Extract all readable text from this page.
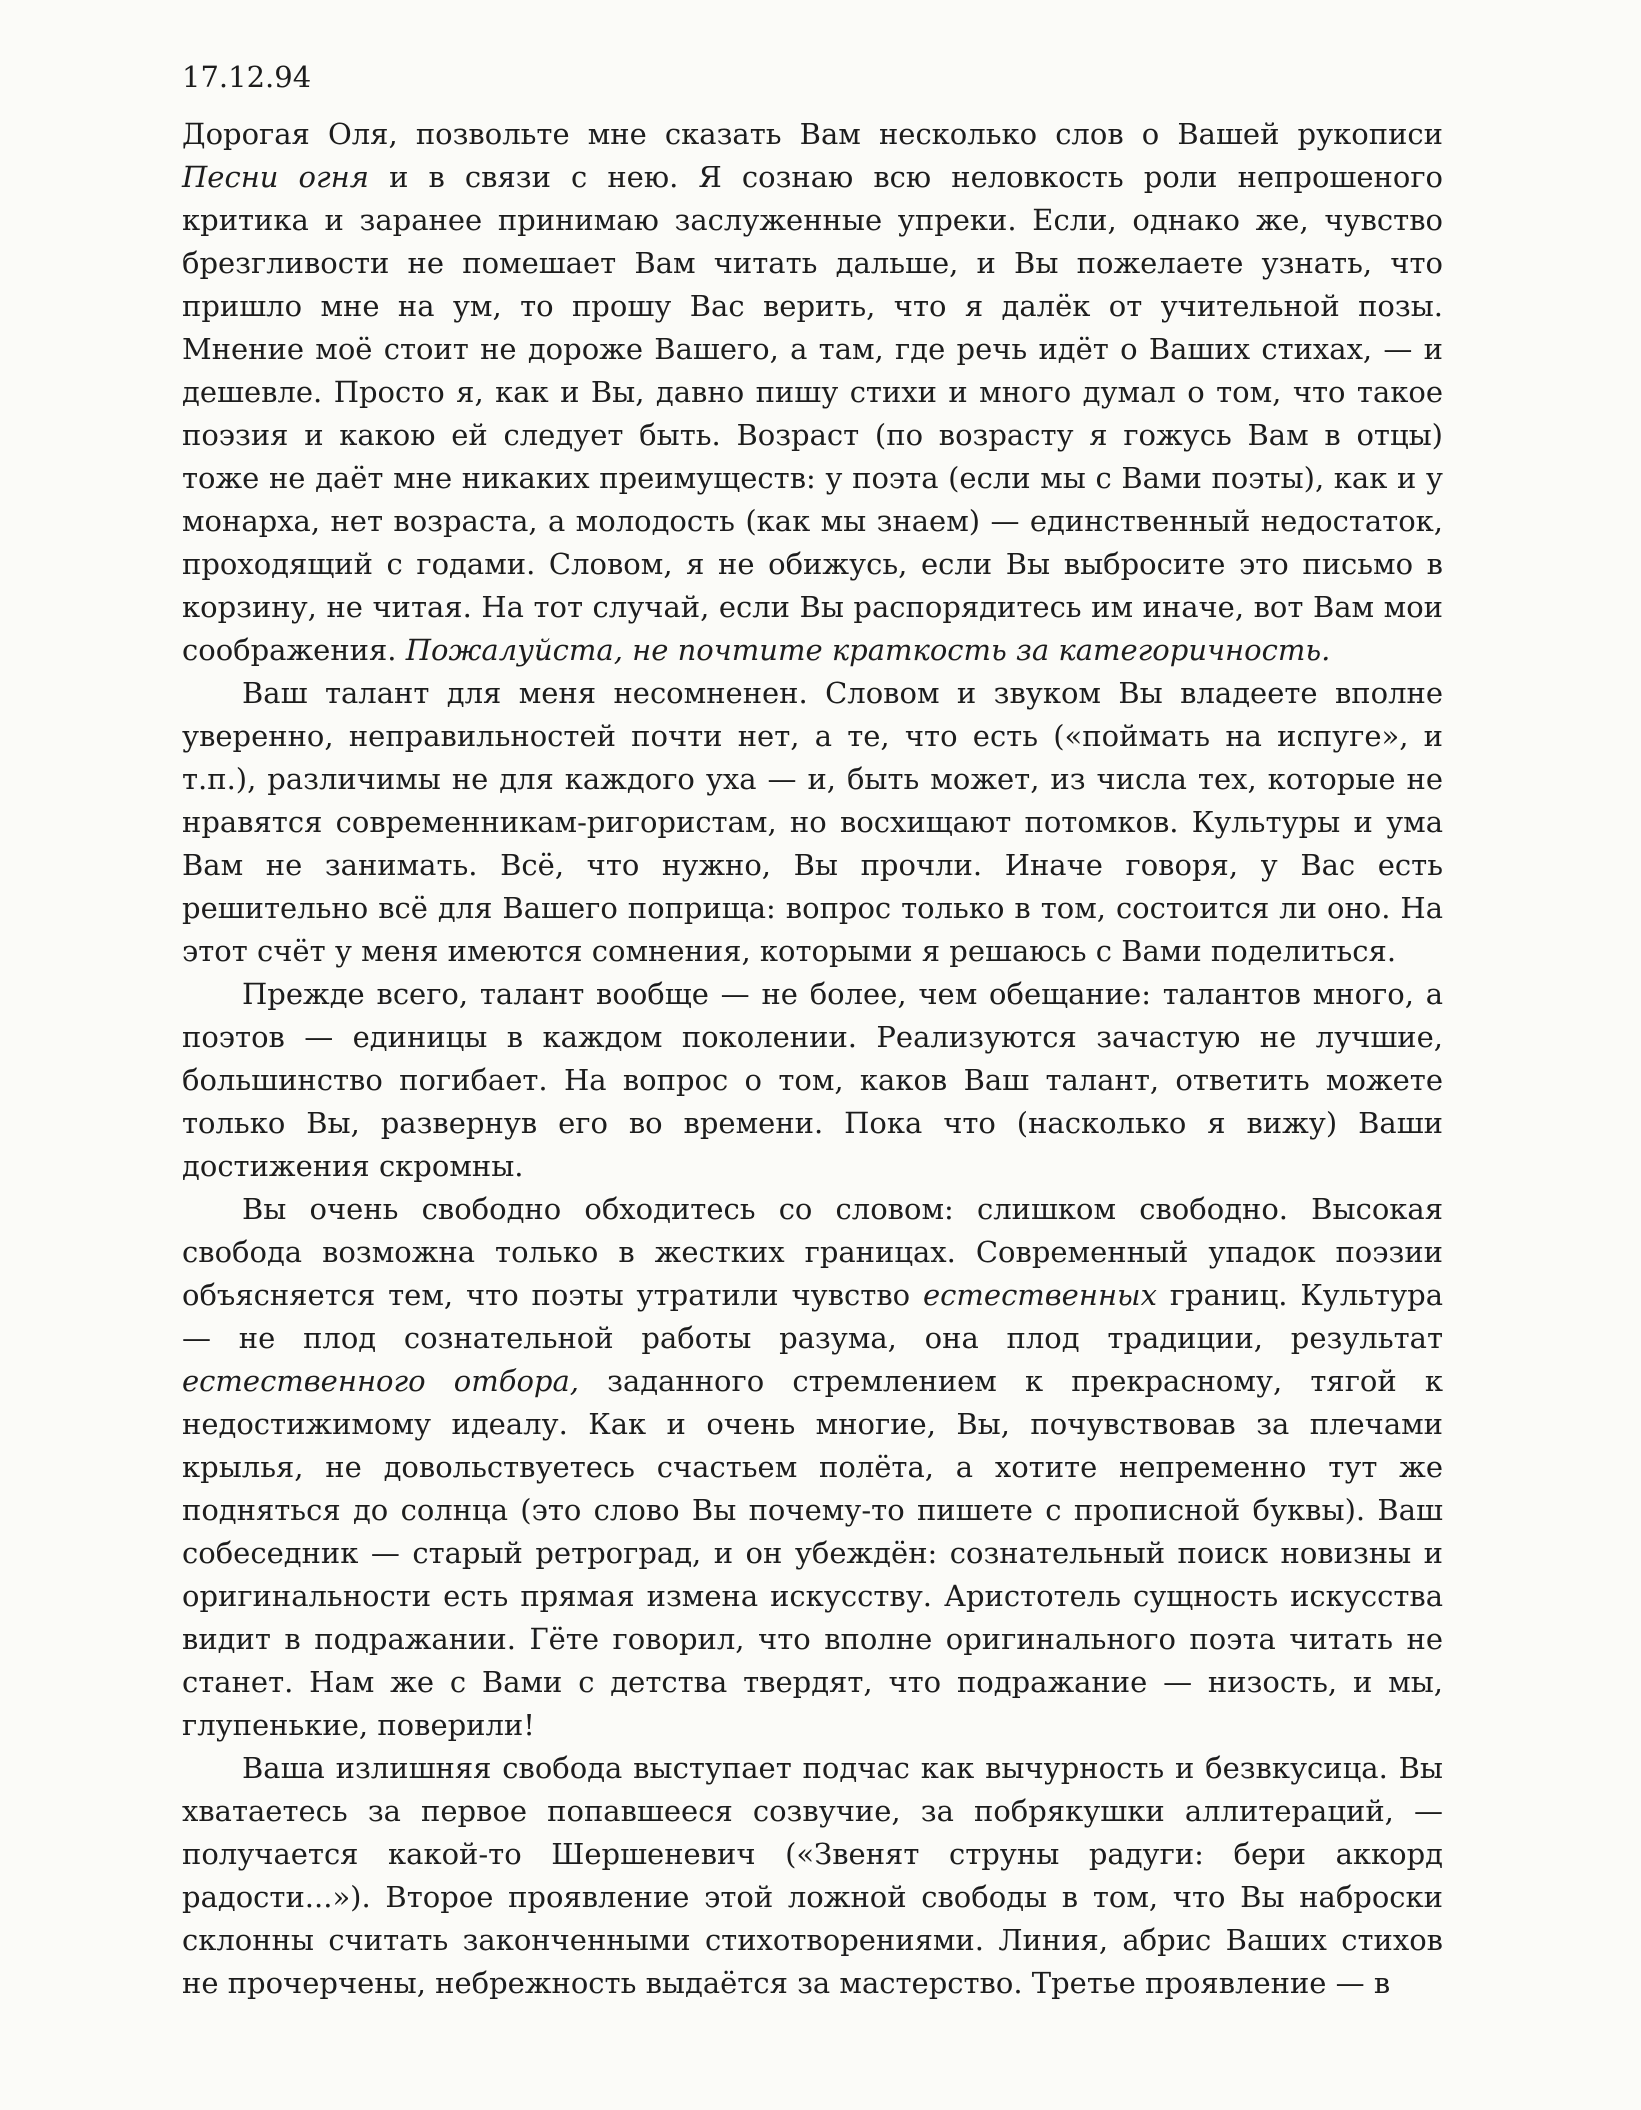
17.12.94

Дорогая Оля, позвольте мне сказать Вам несколько слов о Вашей рукописи Песни огня и в связи с нею. Я сознаю всю неловкость роли непрошеного критика и заранее принимаю заслуженные упреки. Если, однако же, чувство брезгливости не помешает Вам читать дальше, и Вы пожелаете узнать, что пришло мне на ум, то прошу Вас верить, что я далёк от учительной позы. Мнение моё стоит не дороже Вашего, а там, где речь идёт о Ваших стихах, — и дешевле. Просто я, как и Вы, давно пишу стихи и много думал о том, что такое поэзия и какою ей следует быть. Возраст (по возрасту я гожусь Вам в отцы) тоже не даёт мне никаких преимуществ: у поэта (если мы с Вами поэты), как и у монарха, нет возраста, а молодость (как мы знаем) — единственный недостаток, проходящий с годами. Словом, я не обижусь, если Вы выбросите это письмо в корзину, не читая. На тот случай, если Вы распорядитесь им иначе, вот Вам мои соображения. Пожалуйста, не почтите краткость за категоричность.

Ваш талант для меня несомненен. Словом и звуком Вы владеете вполне уверенно, неправильностей почти нет, а те, что есть («поймать на испуге», и т.п.), различимы не для каждого уха — и, быть может, из числа тех, которые не нравятся современникам-ригористам, но восхищают потомков. Культуры и ума Вам не занимать. Всё, что нужно, Вы прочли. Иначе говоря, у Вас есть решительно всё для Вашего поприща: вопрос только в том, состоится ли оно. На этот счёт у меня имеются сомнения, которыми я решаюсь с Вами поделиться.

Прежде всего, талант вообще — не более, чем обещание: талантов много, а поэтов — единицы в каждом поколении. Реализуются зачастую не лучшие, большинство погибает. На вопрос о том, каков Ваш талант, ответить можете только Вы, развернув его во времени. Пока что (насколько я вижу) Ваши достижения скромны.

Вы очень свободно обходитесь со словом: слишком свободно. Высокая свобода возможна только в жестких границах. Современный упадок поэзии объясняется тем, что поэты утратили чувство естественных границ. Культура — не плод сознательной работы разума, она плод традиции, результат естественного отбора, заданного стремлением к прекрасному, тягой к недостижимому идеалу. Как и очень многие, Вы, почувствовав за плечами крылья, не довольствуетесь счастьем полёта, а хотите непременно тут же подняться до солнца (это слово Вы почему-то пишете с прописной буквы). Ваш собеседник — старый ретроград, и он убеждён: сознательный поиск новизны и оригинальности есть прямая измена искусству. Аристотель сущность искусства видит в подражании. Гёте говорил, что вполне оригинального поэта читать не станет. Нам же с Вами с детства твердят, что подражание — низость, и мы, глупенькие, поверили!

Ваша излишняя свобода выступает подчас как вычурность и безвкусица. Вы хватаетесь за первое попавшееся созвучие, за побрякушки аллитераций, — получается какой-то Шершеневич («Звенят струны радуги: бери аккорд радости...»). Второе проявление этой ложной свободы в том, что Вы наброски склонны считать законченными стихотворениями. Линия, абрис Ваших стихов не прочерчены, небрежность выдаётся за мастерство. Третье проявление — в
